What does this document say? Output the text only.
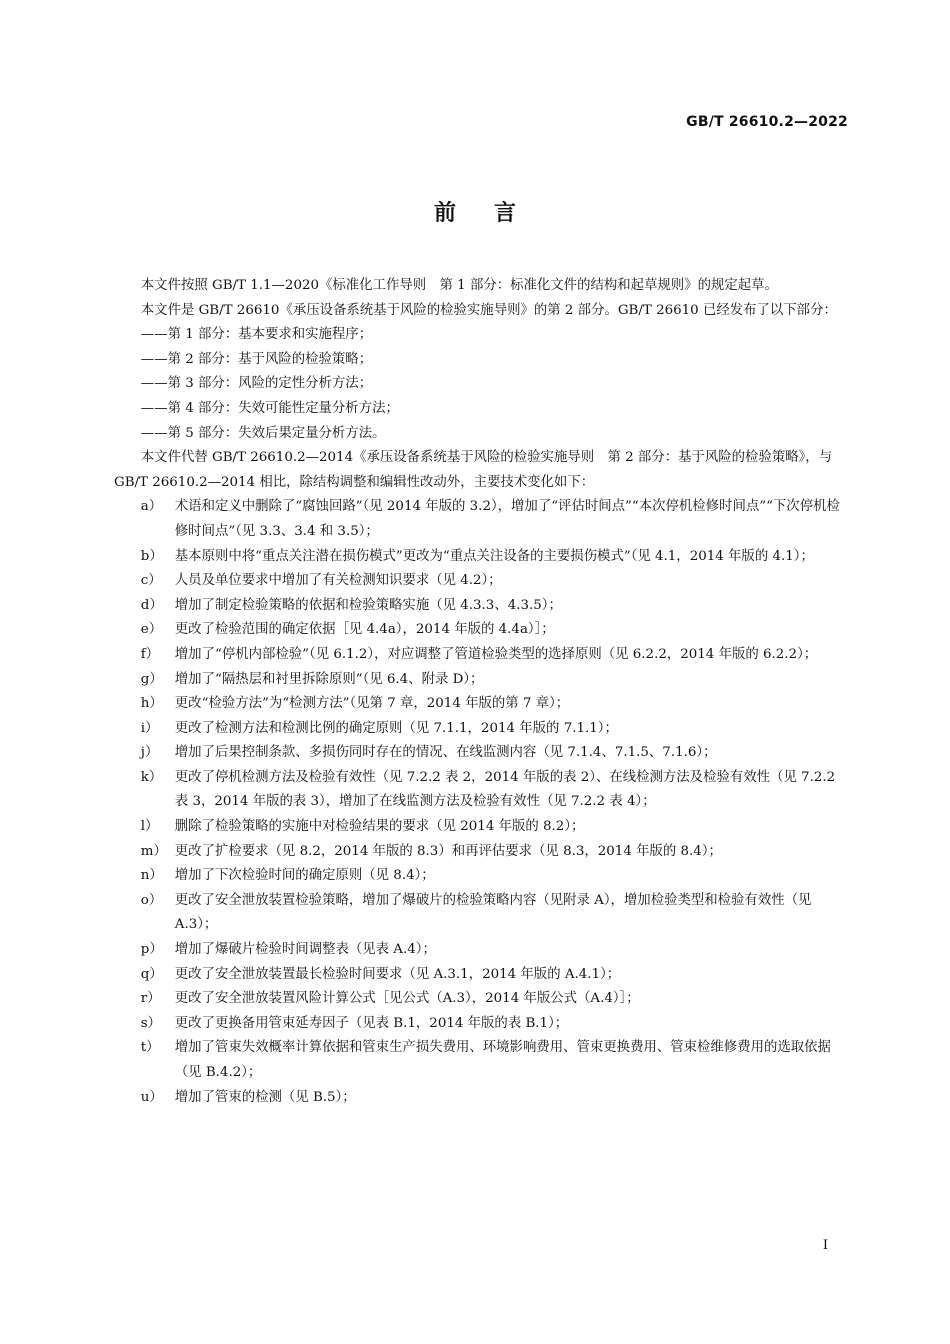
GB/T 26610.2—2022
前言

本文件按照 GB/T 1.1—2020《标准化工作导则　第 1 部分：标准化文件的结构和起草规则》的规定起草。

本文件是 GB/T 26610《承压设备系统基于风险的检验实施导则》的第 2 部分。GB/T 26610 已经发布了以下部分：

——第 1 部分：基本要求和实施程序；

——第 2 部分：基于风险的检验策略；

——第 3 部分：风险的定性分析方法；

——第 4 部分：失效可能性定量分析方法；

——第 5 部分：失效后果定量分析方法。

本文件代替 GB/T 26610.2—2014《承压设备系统基于风险的检验实施导则　第 2 部分：基于风险的检验策略》，与 GB/T 26610.2—2014 相比，除结构调整和编辑性改动外，主要技术变化如下：

a） 术语和定义中删除了“腐蚀回路”（见 2014 年版的 3.2），增加了“评估时间点”“本次停机检修时间点”“下次停机检修时间点”（见 3.3、3.4 和 3.5）；
b） 基本原则中将“重点关注潜在损伤模式”更改为“重点关注设备的主要损伤模式”（见 4.1，2014 年版的 4.1）；
c） 人员及单位要求中增加了有关检测知识要求（见 4.2）；
d） 增加了制定检验策略的依据和检验策略实施（见 4.3.3、4.3.5）；
e） 更改了检验范围的确定依据［见 4.4a），2014 年版的 4.4a）］；
f）	增加了“停机内部检验”（见 6.1.2），对应调整了管道检验类型的选择原则（见 6.2.2，2014 年版的 6.2.2）；
g） 增加了“隔热层和衬里拆除原则”（见 6.4、附录 D）；
h） 更改“检验方法”为“检测方法”（见第 7 章，2014 年版的第 7 章）；
i）	更改了检测方法和检测比例的确定原则（见 7.1.1，2014 年版的 7.1.1）；
j）	增加了后果控制条款、多损伤同时存在的情况、在线监测内容（见 7.1.4、7.1.5、7.1.6）；
k） 更改了停机检测方法及检验有效性（见 7.2.2 表 2，2014 年版的表 2）、在线检测方法及检验有效性（见 7.2.2 表 3，2014 年版的表 3），增加了在线监测方法及检验有效性（见 7.2.2 表 4）；
l）	删除了检验策略的实施中对检验结果的要求（见 2014 年版的 8.2）；
m） 更改了扩检要求（见 8.2，2014 年版的 8.3）和再评估要求（见 8.3，2014 年版的 8.4）；
n） 增加了下次检验时间的确定原则（见 8.4）；
o） 更改了安全泄放装置检验策略，增加了爆破片的检验策略内容（见附录 A），增加检验类型和检验有效性（见 A.3）；
p） 增加了爆破片检验时间调整表（见表 A.4）；
q） 更改了安全泄放装置最长检验时间要求（见 A.3.1，2014 年版的 A.4.1）；
r）	更改了安全泄放装置风险计算公式［见公式（A.3），2014 年版公式（A.4）］；
s）	更改了更换备用管束延寿因子（见表 B.1，2014 年版的表 B.1）；
t）	增加了管束失效概率计算依据和管束生产损失费用、环境影响费用、管束更换费用、管束检维修费用的选取依据（见 B.4.2）；
u） 增加了管束的检测（见 B.5）；
I
